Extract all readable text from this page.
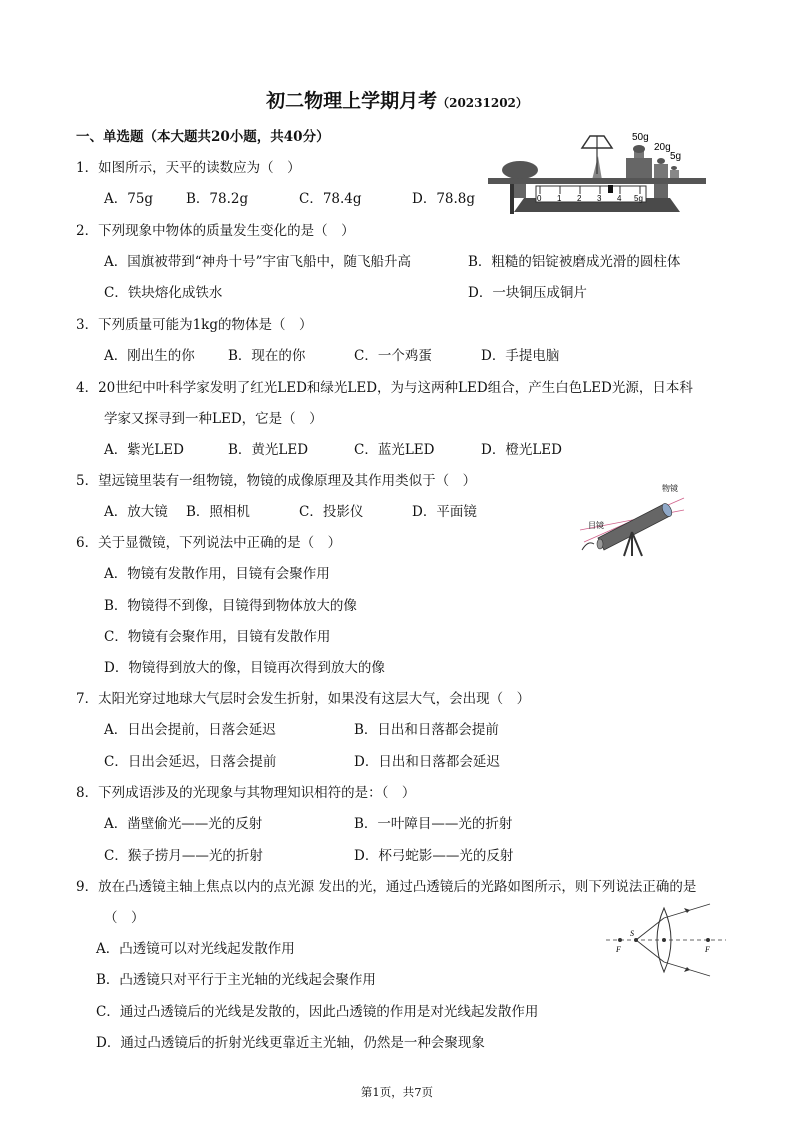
初二物理上学期月考（20231202）
一、单选题（本大题共20小题，共40分）
1．如图所示，天平的读数应为（　）
A．75g B．78.2g	C．78.4g	D．78.8g	0 1 2 3 4 5g
50g
20g
5g
2．下列现象中物体的质量发生变化的是（　）
A．国旗被带到“神舟十号”宇宙飞船中，随飞船升高	B．粗糙的铝锭被磨成光滑的圆柱体
C．铁块熔化成铁水	D．一块铜压成铜片
3．下列质量可能为1kg的物体是（　）
A．刚出生的你 B．现在的你	C．一个鸡蛋	D．手提电脑
4．20世纪中叶科学家发明了红光LED和绿光LED，为与这两种LED组合，产生白色LED光源，日本科
学家又探寻到一种LED，它是（　）
A．紫光LED	B．黄光LED	C．蓝光LED	D．橙光LED
5．望远镜里装有一组物镜，物镜的成像原理及其作用类似于（　）
A．放大镜 B．照相机	C．投影仪	D．平面镜
物镜
目镜
6．关于显微镜，下列说法中正确的是（　）
A．物镜有发散作用，目镜有会聚作用
B．物镜得不到像，目镜得到物体放大的像
C．物镜有会聚作用，目镜有发散作用
D．物镜得到放大的像，目镜再次得到放大的像
7．太阳光穿过地球大气层时会发生折射，如果没有这层大气，会出现（　）
A．日出会提前，日落会延迟	B．日出和日落都会提前
C．日出会延迟，日落会提前	D．日出和日落都会延迟
8．下列成语涉及的光现象与其物理知识相符的是：（　）
A．凿壁偷光——光的反射	B．一叶障目——光的折射
C．猴子捞月——光的折射	D．杯弓蛇影——光的反射
9．放在凸透镜主轴上焦点以内的点光源 发出的光，通过凸透镜后的光路如图所示，则下列说法正确的是
（　）
A．凸透镜可以对光线起发散作用
B．凸透镜只对平行于主光轴的光线起会聚作用
C．通过凸透镜后的光线是发散的，因此凸透镜的作用是对光线起发散作用
D．通过凸透镜后的折射光线更靠近主光轴，仍然是一种会聚现象
F
S
F
第1页，共7页
